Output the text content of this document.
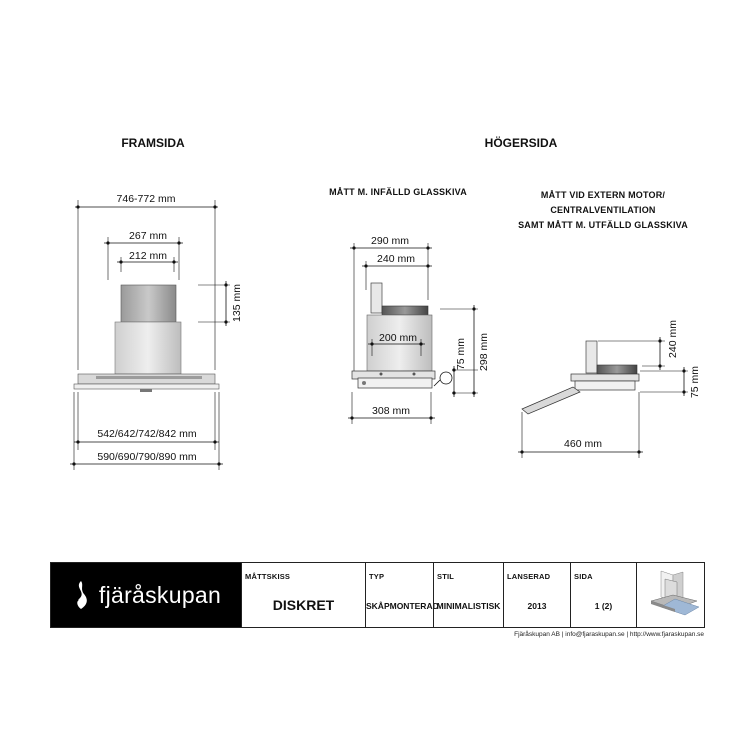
FRAMSIDA	HÖGERSIDA
746-772 mm
267 mm
212 mm
135 mm
542/642/742/842 mm
590/690/790/890 mm
MÅTT M. INFÄLLD GLASSKIVA
290 mm
240 mm
200 mm	298 mm
75 mm
308 mm
MÅTT VID EXTERN MOTOR/
CENTRALVENTILATION
SAMT MÅTT M. UTFÄLLD GLASSKIVA
240 mm
75 mm
460 mm
fjäråskupan
MÅTTSKISS
DISKRET
TYP
SKÅPMONTERAD
STIL
MINIMALISTISK
LANSERAD
2013
SIDA
1 (2)
Fjäråskupan AB | info@fjaraskupan.se | http://www.fjaraskupan.se
